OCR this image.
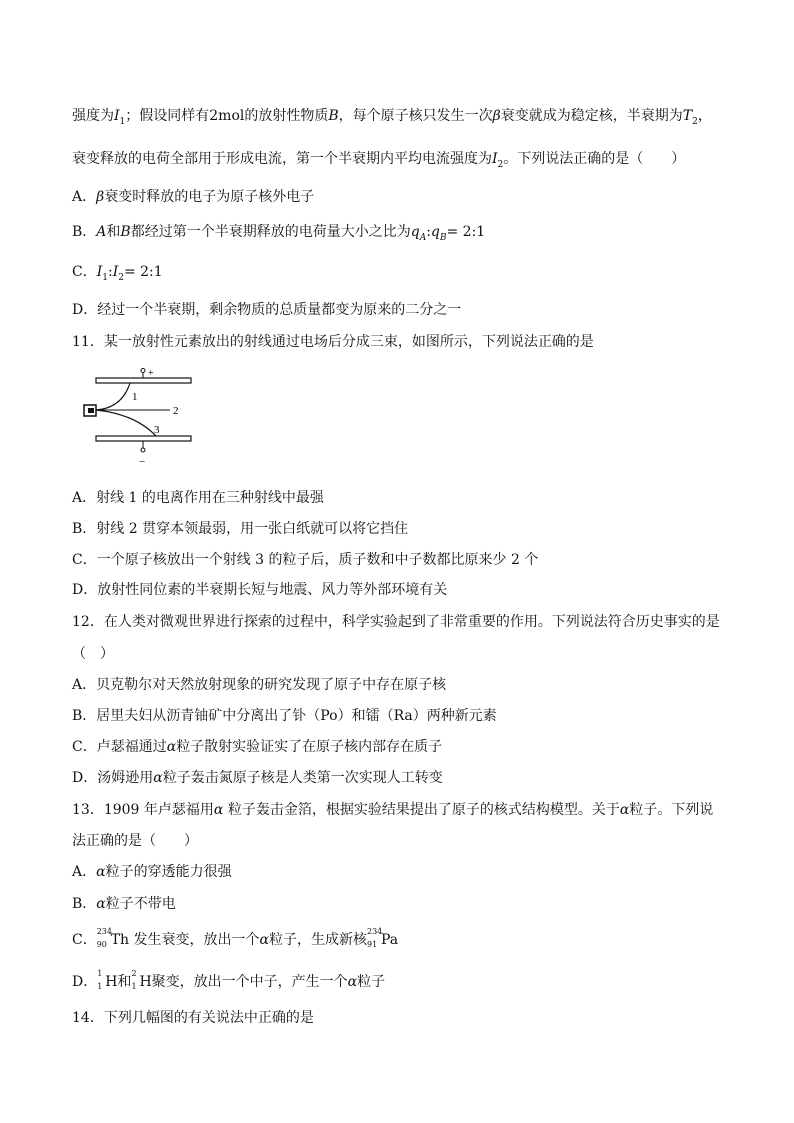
强度为$I_1$；假设同样有2mol的放射性物质B，每个原子核只发生一次β衰变就成为稳定核，半衰期为$T_2$，
衰变释放的电荷全部用于形成电流，第一个半衰期内平均电流强度为$I_2$。下列说法正确的是（　　）
A．β衰变时释放的电子为原子核外电子
B．A和B都经过第一个半衰期释放的电荷量大小之比为$q_A:q_B=$ 2:1
C．$I_1:I_2=$ 2:1
D．经过一个半衰期，剩余物质的总质量都变为原来的二分之一
11．某一放射性元素放出的射线通过电场后分成三束，如图所示，下列说法正确的是
+
−
1
2
3
A．射线 1 的电离作用在三种射线中最强
B．射线 2 贯穿本领最弱，用一张白纸就可以将它挡住
C．一个原子核放出一个射线 3 的粒子后，质子数和中子数都比原来少 2 个
D．放射性同位素的半衰期长短与地震、风力等外部环境有关
12．在人类对微观世界进行探索的过程中，科学实验起到了非常重要的作用。下列说法符合历史事实的是
（　）
A．贝克勒尔对天然放射现象的研究发现了原子中存在原子核
B．居里夫妇从沥青铀矿中分离出了钋（Po）和镭（Ra）两种新元素
C．卢瑟福通过α粒子散射实验证实了在原子核内部存在质子
D．汤姆逊用α粒子轰击氮原子核是人类第一次实现人工转变
13．1909 年卢瑟福用α 粒子轰击金箔，根据实验结果提出了原子的核式结构模型。关于α粒子。下列说
法正确的是（　　）
A．α粒子的穿透能力很强
B．α粒子不带电
C．
234
90 Th 发生衰变，放出一个α粒子，生成新核
234
91 Pa
D．
1
1 H和
2
1 H聚变，放出一个中子，产生一个α粒子
14．下列几幅图的有关说法中正确的是
